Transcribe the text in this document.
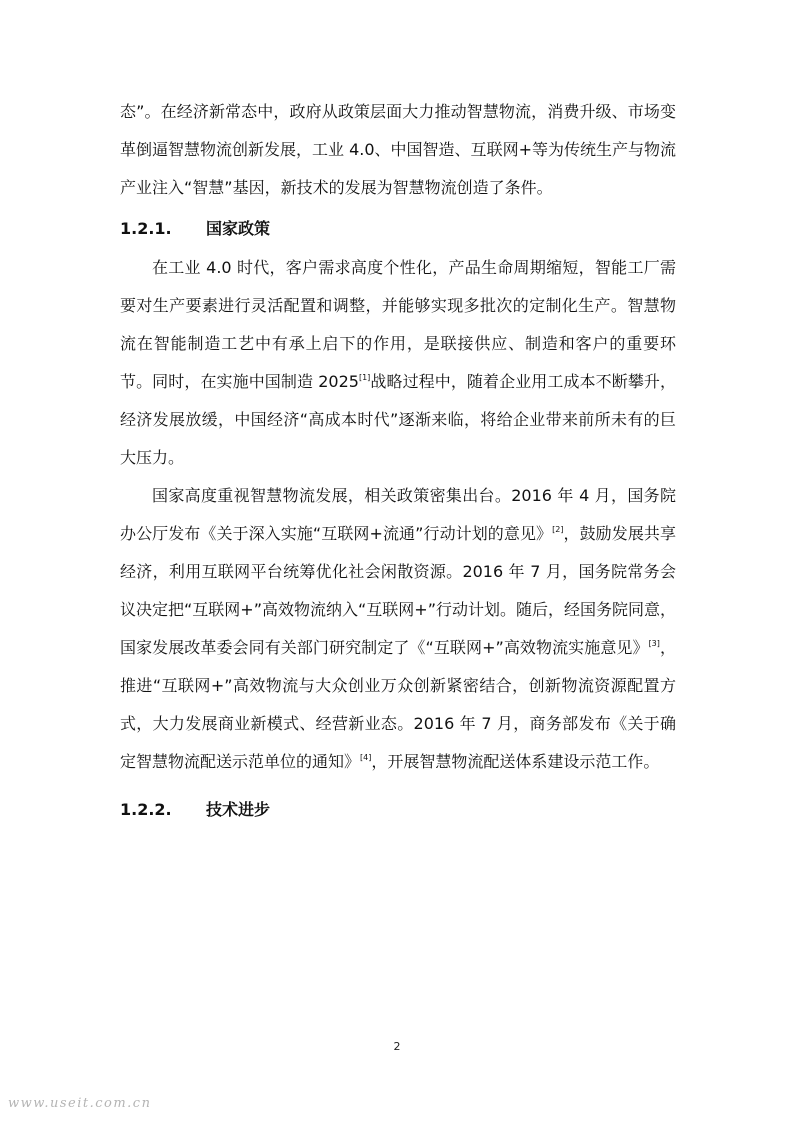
态”。在经济新常态中，政府从政策层面大力推动智慧物流，消费升级、市场变革倒逼智慧物流创新发展，工业 4.0、中国智造、互联网+等为传统生产与物流产业注入“智慧”基因，新技术的发展为智慧物流创造了条件。

1.2.1. 国家政策

在工业 4.0 时代，客户需求高度个性化，产品生命周期缩短，智能工厂需要对生产要素进行灵活配置和调整，并能够实现多批次的定制化生产。智慧物流在智能制造工艺中有承上启下的作用，是联接供应、制造和客户的重要环节。同时，在实施中国制造 2025[1]战略过程中，随着企业用工成本不断攀升，经济发展放缓，中国经济“高成本时代”逐渐来临，将给企业带来前所未有的巨大压力。

国家高度重视智慧物流发展，相关政策密集出台。2016 年 4 月，国务院办公厅发布《关于深入实施“互联网+流通”行动计划的意见》[2]，鼓励发展共享经济，利用互联网平台统筹优化社会闲散资源。2016 年 7 月，国务院常务会议决定把“互联网+”高效物流纳入“互联网+”行动计划。随后，经国务院同意，国家发展改革委会同有关部门研究制定了《“互联网+”高效物流实施意见》[3]，推进“互联网+”高效物流与大众创业万众创新紧密结合，创新物流资源配置方式，大力发展商业新模式、经营新业态。2016 年 7 月，商务部发布《关于确定智慧物流配送示范单位的通知》[4]，开展智慧物流配送体系建设示范工作。

1.2.2. 技术进步
2
www.useit.com.cn
